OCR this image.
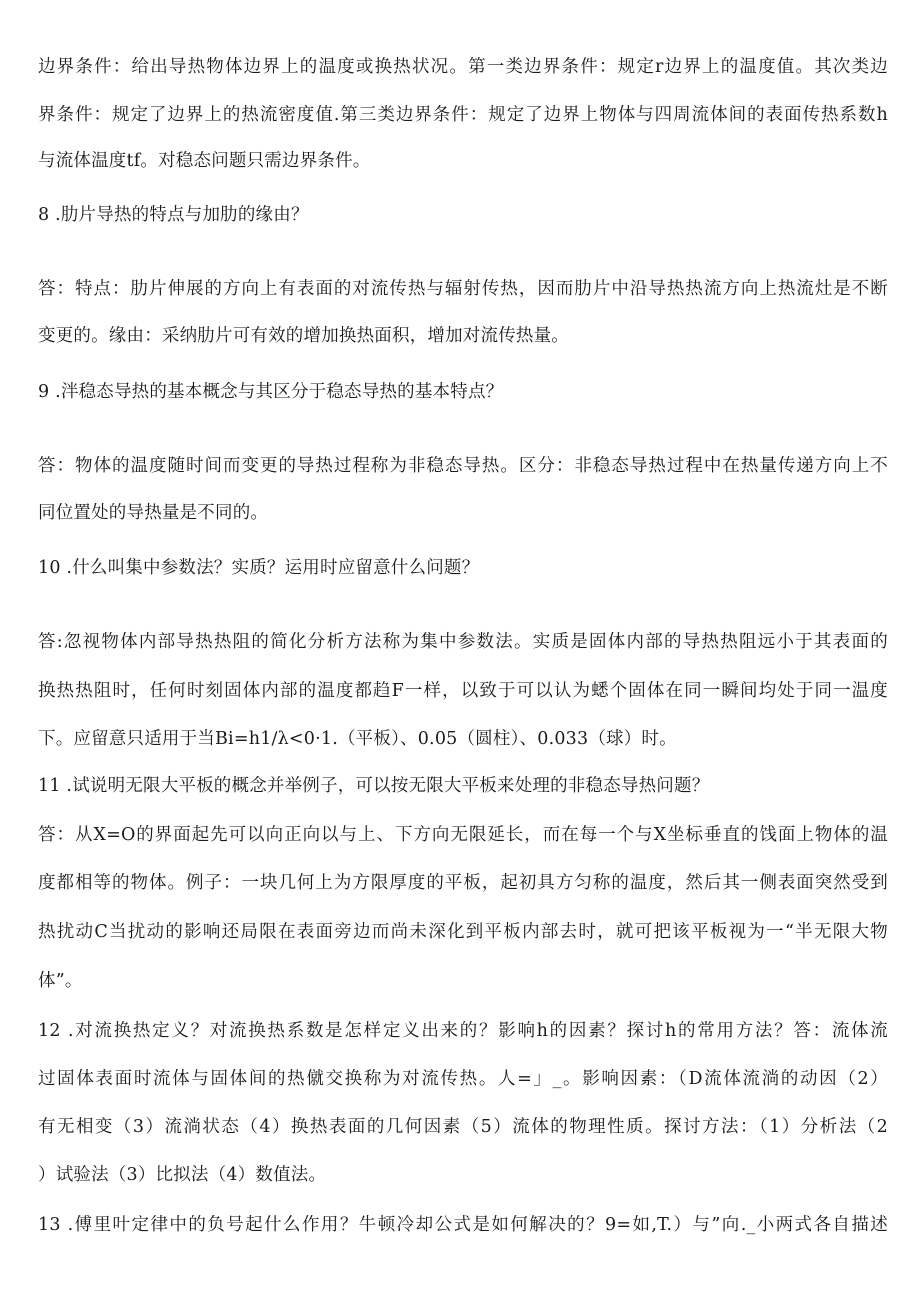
边界条件：给出导热物体边界上的温度或换热状况。第一类边界条件：规定r边界上的温度值。其次类边
界条件：规定了边界上的热流密度值.第三类边界条件：规定了边界上物体与四周流体间的表面传热系数h
与流体温度tf。对稳态问题只需边界条件。
8 .肋片导热的特点与加肋的缘由？
答：特点：肋片伸展的方向上有表面的对流传热与辐射传热，因而肋片中沿导热热流方向上热流灶是不断
变更的。缘由：采纳肋片可有效的增加换热面积，增加对流传热量。
9 .泮稳态导热的基本概念与其区分于稳态导热的基本特点？
答：物体的温度随时间而变更的导热过程称为非稳态导热。区分：非稳态导热过程中在热量传递方向上不
同位置处的导热量是不同的。
10 .什么叫集中参数法？实质？运用时应留意什么问题？
答:忽视物体内部导热热阻的简化分析方法称为集中参数法。实质是固体内部的导热热阻远小于其表面的
换热热阻时，任何时刻固体内部的温度都趋F一样，以致于可以认为蟋个固体在同一瞬间均处于同一温度
下。应留意只适用于当Bi=h1∕λ<0·1.（平板）、0.05（圆柱）、0.033（球）时。
11 .试说明无限大平板的概念并举例子，可以按无限大平板来处理的非稳态导热问题？
答：从X=O的界面起先可以向正向以与上、下方向无限延长，而在每一个与X坐标垂直的饯面上物体的温
度都相等的物体。例子：一块几何上为方限厚度的平板，起初具方匀称的温度，然后其一侧表面突然受到
热扰动C当扰动的影响还局限在表面旁边而尚未深化到平板内部去时，就可把该平板视为一“半无限大物
体”。
12 .对流换热定义？对流换热系数是怎样定义出来的？影响h的因素？探讨h的常用方法？答：流体流
过固体表面时流体与固体间的热僦交换称为对流传热。人=」_。影响因素：（D流体流淌的动因（2）
有无相变（3）流淌状态（4）换热表面的几何因素（5）流体的物理性质。探讨方法：（1）分析法（2
）试验法（3）比拟法（4）数值法。
13 .傅里叶定律中的负号起什么作用？牛顿冷却公式是如何解决的？9=如,T.）与”向._小两式各自描述
